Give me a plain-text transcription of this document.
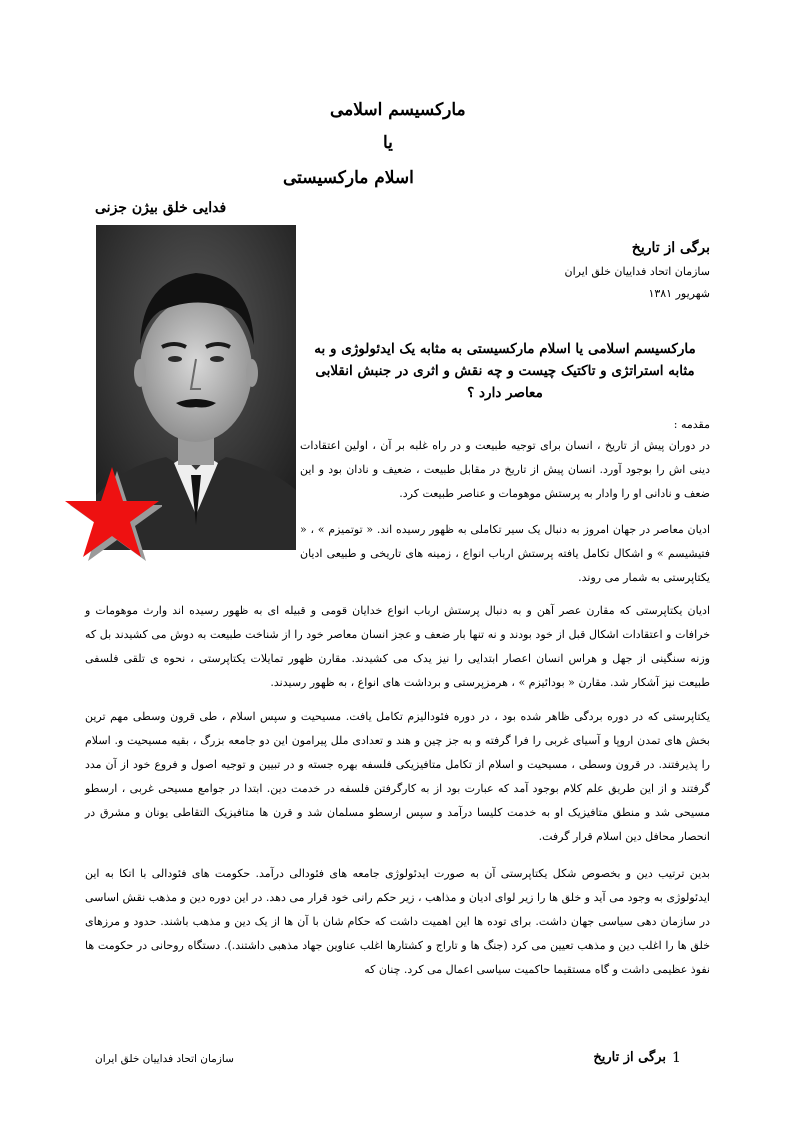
مارکسیسم اسلامی
یا
اسلام مارکسیستی
فدایی خلق بیژن جزنی
برگی از تاریخ
سازمان اتحاد فداییان خلق ایران
شهریور ۱۳۸۱
مارکسیسم اسلامی یا اسلام مارکسیستی به مثابه یک ایدئولوژی و به مثابه استراتژی و تاکتیک چیست و چه نقش و اثری در جنبش انقلابی معاصر دارد ؟
مقدمه :
در دوران پیش از تاریخ ، انسان برای توجیه طبیعت و در راه غلبه بر آن ، اولین اعتقادات دینی اش را بوجود آورد. انسان پیش از تاریخ در مقابل طبیعت ، ضعیف و نادان بود و این ضعف و نادانی او را وادار به پرستش موهومات و عناصر طبیعت کرد.
ادیان معاصر در جهان امروز به دنبال یک سیر تکاملی به ظهور رسیده اند. « توتمیزم » ، « فتیشیسم » و اشکال تکامل یافته پرستش ارباب انواع ، زمینه های تاریخی و طبیعی ادیان یکتاپرستی به شمار می روند.
ادیان یکتاپرستی که مقارن عصر آهن و به دنبال پرستش ارباب انواع خدایان قومی و قبیله ای به ظهور رسیده اند وارث موهومات و خرافات و اعتقادات اشکال قبل از خود بودند و نه تنها بار ضعف و عجز انسان معاصر خود را از شناخت طبیعت به دوش می کشیدند بل که وزنه سنگینی از جهل و هراس انسان اعصار ابتدایی را نیز یدک می کشیدند. مقارن ظهور تمایلات یکتاپرستی ، نحوه ی تلقی فلسفی طبیعت نیز آشکار شد. مقارن « بودائیزم » ، هرمزپرستی و برداشت های انواع ، به ظهور رسیدند.
یکتاپرستی که در دوره بردگی ظاهر شده بود ، در دوره فئودالیزم تکامل یافت. مسیحیت و سپس اسلام ، طی قرون وسطی مهم ترین بخش های تمدن اروپا و آسیای غربی را فرا گرفته و به جز چین و هند و تعدادی ملل پیرامون این دو جامعه بزرگ ، بقیه مسیحیت و. اسلام را پذیرفتند. در قرون وسطی ، مسیحیت و اسلام از تکامل متافیزیکی فلسفه بهره جسته و در تبیین و توجیه اصول و فروع خود از آن مدد گرفتند و از این طریق علم کلام بوجود آمد که عبارت بود از به کارگرفتن فلسفه در خدمت دین. ابتدا در جوامع مسیحی غربی ، ارسطو مسیحی شد و منطق متافیزیک او به خدمت کلیسا درآمد و سپس ارسطو مسلمان شد و قرن ها متافیزیک التقاطی یونان و مشرق در انحصار محافل دین اسلام قرار گرفت.
بدین ترتیب دین و بخصوص شکل یکتاپرستی آن به صورت ایدئولوژی جامعه های فئودالی درآمد. حکومت های فئودالی با اتکا به این ایدئولوژی به وجود می آید و خلق ها را زیر لوای ادیان و مذاهب ، زیر حکم رانی خود قرار می دهد. در این دوره دین و مذهب نقش اساسی در سازمان دهی سیاسی جهان داشت. برای توده ها این اهمیت داشت که حکام شان با آن ها از یک دین و مذهب باشند. حدود و مرزهای خلق ها را اغلب دین و مذهب تعیین می کرد (جنگ ها و تاراج و کشتارها اغلب عناوین جهاد مذهبی داشتند.). دستگاه روحانی در حکومت ها نفوذ عظیمی داشت و گاه مستقیما حاکمیت سیاسی اعمال می کرد. چنان که
1
برگی از تاریخ
سازمان اتحاد فداییان خلق ایران
